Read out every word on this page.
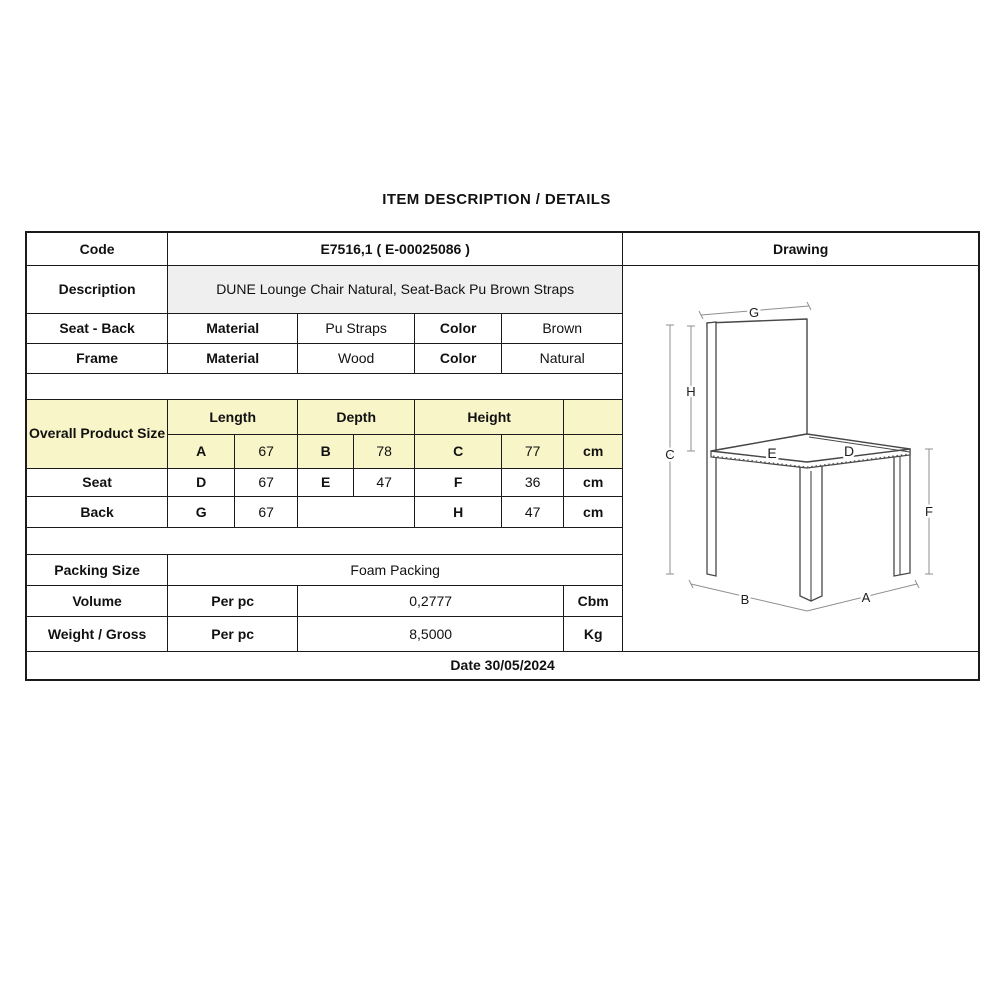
ITEM DESCRIPTION / DETAILS
Code	E7516,1 ( E-00025086 )							Drawing
Description	DUNE Lounge Chair Natural, Seat-Back Pu Brown Straps	
G
H
C	E	D
F
B	A

Seat - Back	Material		Pu Straps		Color	Brown		
Frame	Material		Wood		Color	Natural		

Overall Product Size	Length		Depth		Height			
	A	67	B	78	C	77	cm	
Seat	D	67	E	47	F	36	cm	
Back	G	67			H	47	cm	

Packing Size	Foam Packing							
Volume	Per pc		0,2777				Cbm	
Weight / Gross	Per pc		8,5000				Kg	
Date 30/05/2024								
